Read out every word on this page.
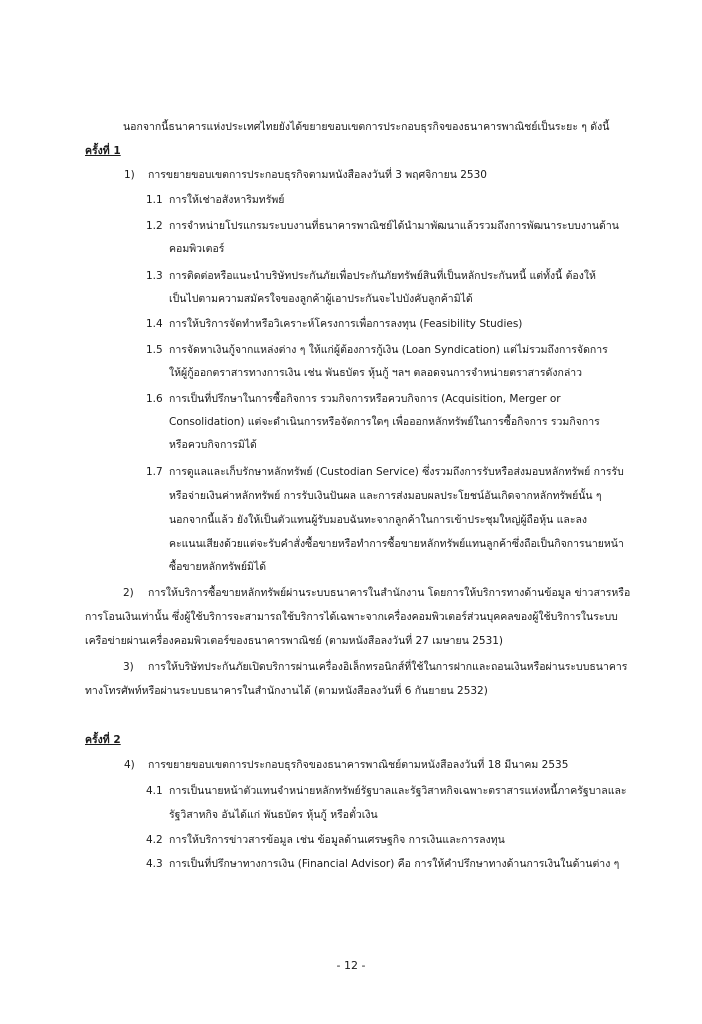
นอกจากนี้ธนาคารแห่งประเทศไทยยังได้ขยายขอบเขตการประกอบธุรกิจของธนาคารพาณิชย์เป็นระยะ ๆ ดังนี้
ครั้งที่ 1
1) การขยายขอบเขตการประกอบธุรกิจตามหนังสือลงวันที่ 3 พฤศจิกายน 2530
1.1 การให้เช่าอสังหาริมทรัพย์
1.2 การจำหน่ายโปรแกรมระบบงานที่ธนาคารพาณิชย์ได้นำมาพัฒนาแล้วรวมถึงการพัฒนาระบบงานด้าน
คอมพิวเตอร์
1.3 การติดต่อหรือแนะนำบริษัทประกันภัยเพื่อประกันภัยทรัพย์สินที่เป็นหลักประกันหนี้ แต่ทั้งนี้ ต้องให้
เป็นไปตามความสมัครใจของลูกค้าผู้เอาประกันจะไปบังคับลูกค้ามิได้
1.4 การให้บริการจัดทำหรือวิเคราะห์โครงการเพื่อการลงทุน (Feasibility Studies)
1.5 การจัดหาเงินกู้จากแหล่งต่าง ๆ ให้แก่ผู้ต้องการกู้เงิน (Loan Syndication) แต่ไม่รวมถึงการจัดการ
ให้ผู้กู้ออกตราสารทางการเงิน เช่น พันธบัตร หุ้นกู้ ฯลฯ ตลอดจนการจำหน่ายตราสารดังกล่าว
1.6 การเป็นที่ปรึกษาในการซื้อกิจการ รวมกิจการหรือควบกิจการ (Acquisition, Merger or
Consolidation) แต่จะดำเนินการหรือจัดการใดๆ เพื่อออกหลักทรัพย์ในการซื้อกิจการ รวมกิจการ
หรือควบกิจการมิได้
1.7 การดูแลและเก็บรักษาหลักทรัพย์ (Custodian Service) ซึ่งรวมถึงการรับหรือส่งมอบหลักทรัพย์ การรับ
หรือจ่ายเงินค่าหลักทรัพย์ การรับเงินปันผล และการส่งมอบผลประโยชน์อันเกิดจากหลักทรัพย์นั้น ๆ
นอกจากนี้แล้ว ยังให้เป็นตัวแทนผู้รับมอบฉันทะจากลูกค้าในการเข้าประชุมใหญ่ผู้ถือหุ้น และลง
คะแนนเสียงด้วยแต่จะรับคำสั่งซื้อขายหรือทำการซื้อขายหลักทรัพย์แทนลูกค้าซึ่งถือเป็นกิจการนายหน้า
ซื้อขายหลักทรัพย์มิได้
2) การให้บริการซื้อขายหลักทรัพย์ผ่านระบบธนาคารในสำนักงาน โดยการให้บริการทางด้านข้อมูล ข่าวสารหรือ
การโอนเงินเท่านั้น ซึ่งผู้ใช้บริการจะสามารถใช้บริการได้เฉพาะจากเครื่องคอมพิวเตอร์ส่วนบุคคลของผู้ใช้บริการในระบบ
เครือข่ายผ่านเครื่องคอมพิวเตอร์ของธนาคารพาณิชย์ (ตามหนังสือลงวันที่ 27 เมษายน 2531)
3) การให้บริษัทประกันภัยเปิดบริการผ่านเครื่องอิเล็กทรอนิกส์ที่ใช้ในการฝากและถอนเงินหรือผ่านระบบธนาคาร
ทางโทรศัพท์หรือผ่านระบบธนาคารในสำนักงานได้ (ตามหนังสือลงวันที่ 6 กันยายน 2532)
ครั้งที่ 2
4) การขยายขอบเขตการประกอบธุรกิจของธนาคารพาณิชย์ตามหนังสือลงวันที่ 18 มีนาคม 2535
4.1 การเป็นนายหน้าตัวแทนจำหน่ายหลักทรัพย์รัฐบาลและรัฐวิสาหกิจเฉพาะตราสารแห่งหนี้ภาครัฐบาลและ
รัฐวิสาหกิจ อันได้แก่ พันธบัตร หุ้นกู้ หรือตั๋วเงิน
4.2 การให้บริการข่าวสารข้อมูล เช่น ข้อมูลด้านเศรษฐกิจ การเงินและการลงทุน
4.3 การเป็นที่ปรึกษาทางการเงิน (Financial Advisor) คือ การให้คำปรึกษาทางด้านการเงินในด้านต่าง ๆ
- 12 -
